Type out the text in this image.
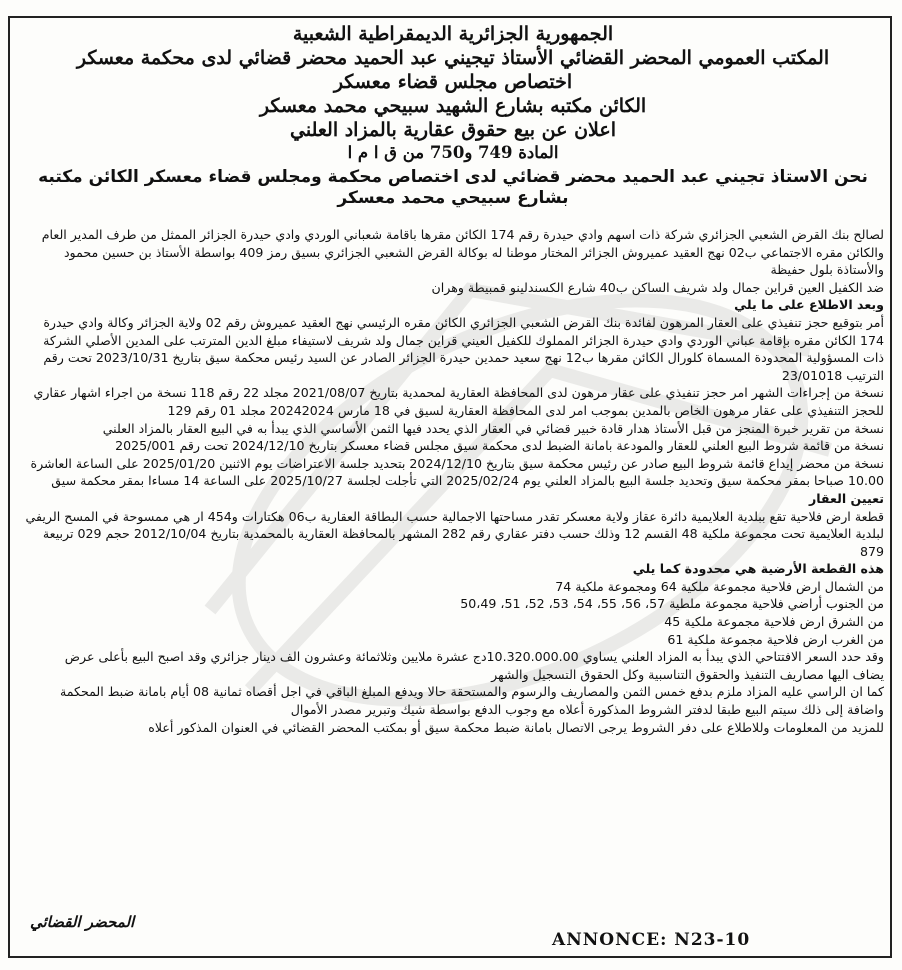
الجمهورية الجزائرية الديمقراطية الشعبية

المكتب العمومي المحضر القضائي الأستاذ تيجيني عبد الحميد محضر قضائي لدى محكمة معسكر

اختصاص مجلس قضاء معسكر

الكائن مكتبه بشارع الشهيد سبيحي محمد معسكر

اعلان عن بيع حقوق عقارية بالمزاد العلني

المادة 749 و750 من ق ا م ا

نحن الاستاذ تجيني عبد الحميد محضر قضائي لدى اختصاص محكمة ومجلس قضاء معسكر الكائن مكتبه بشارع سبيحي محمد معسكر

لصالح بنك القرض الشعبي الجزائري شركة ذات اسهم وادي حيدرة رقم 174 الكائن مقرها باقامة شعباني الوردي وادي حيدرة الجزائر الممثل من طرف المدير العام والكائن مقره الاجتماعي ب02 نهج العقيد عميروش الجزائر المختار موطنا له بوكالة القرض الشعبي الجزائري بسيق رمز 409 بواسطة الأستاذ بن حسين محمود والأستاذة بلول حفيظة

ضد الكفيل العين قراين جمال ولد شريف الساكن ب40 شارع الكسندلينو قمبيطة وهران

وبعد الاطلاع على ما يلي

أمر بتوقيع حجز تنفيذي على العقار المرهون لفائدة بنك القرض الشعبي الجزائري الكائن مقره الرئيسي نهج العقيد عميروش رقم 02 ولاية الجزائر وكالة وادي حيدرة 174 الكائن مقره بإقامة عباني الوردي وادي حيدرة الجزائر المملوك للكفيل العيني قراين جمال ولد شريف لاستيفاء مبلغ الدين المترتب على المدين الأصلي الشركة ذات المسؤولية المحدودة المسماة كلورال الكائن مقرها ب12 نهج سعيد حمدين حيدرة الجزائر الصادر عن السيد رئيس محكمة سيق بتاريخ 2023/10/31 تحت رقم الترتيب 23/01018

نسخة من إجراءات الشهر امر حجز تنفيذي على عقار مرهون لدى المحافظة العقارية لمحمدية بتاريخ 2021/08/07 مجلد 22 رقم 118 نسخة من اجراء اشهار عقاري للحجز التنفيذي على عقار مرهون الخاص بالمدين بموجب امر لدى المحافظة العقارية لسيق في 18 مارس 20242024 مجلد 01 رقم 129

نسخة من تقرير خبرة المنجز من قبل الأستاذ هدار قادة خبير قضائي في العقار الذي يحدد فيها الثمن الأساسي الذي يبدأ به في البيع العقار بالمزاد العلني

نسخة من قائمة شروط البيع العلني للعقار والمودعة بامانة الضبط لدى محكمة سيق مجلس قضاء معسكر بتاريخ 2024/12/10 تحت رقم 2025/001

نسخة من محضر إيداع قائمة شروط البيع صادر عن رئيس محكمة سيق بتاريخ 2024/12/10 بتحديد جلسة الاعتراضات يوم الاثنين 2025/01/20 على الساعة العاشرة 10.00 صباحا بمقر محكمة سيق وتحديد جلسة البيع بالمزاد العلني يوم 2025/02/24 التي تأجلت لجلسة 2025/10/27 على الساعة 14 مساءا بمقر محكمة سيق

تعيين العقار

قطعة ارض فلاحية تقع ببلدية العلايمية دائرة عقاز ولاية معسكر تقدر مساحتها الاجمالية حسب البطاقة العقارية ب06 هكتارات و454 ار هي ممسوحة في المسح الريفي لبلدية العلايمية تحت مجموعة ملكية 48 القسم 12 وذلك حسب دفتر عقاري رقم 282 المشهر بالمحافظة العقارية بالمحمدية بتاريخ 2012/10/04 حجم 029 تربيعة 879

هذه القطعة الأرضية هي محدودة كما يلي

من الشمال ارض فلاحية مجموعة ملكية 64 ومجموعة ملكية 74

من الجنوب أراضي فلاحية مجموعة ملطية 57، 56، 55، 54، 53، 52، 51، 50،49

من الشرق ارض فلاحية مجموعة ملكية 45

من الغرب ارض فلاحية مجموعة ملكية 61

وقد حدد السعر الافتتاحي الذي يبدأ به المزاد العلني يساوي 10.320.000.00دج عشرة ملايين وثلاثمائة وعشرون الف دينار جزائري وقد اصبح البيع بأعلى عرض

يضاف اليها مصاريف التنفيذ والحقوق التناسبية وكل الحقوق التسجيل والشهر

كما ان الراسي عليه المزاد ملزم بدفع خمس الثمن والمصاريف والرسوم والمستحقة حالا ويدفع المبلغ الباقي في اجل أقصاه ثمانية 08 أيام بامانة ضبط المحكمة واضافة إلى ذلك سيتم البيع طبقا لدفتر الشروط المذكورة أعلاه مع وجوب الدفع بواسطة شيك وتبرير مصدر الأموال

للمزيد من المعلومات وللاطلاع على دفر الشروط يرجى الاتصال بامانة ضبط محكمة سيق أو بمكتب المحضر القضائي في العنوان المذكور أعلاه

المحضر القضائي
ANNONCE: N23-10
